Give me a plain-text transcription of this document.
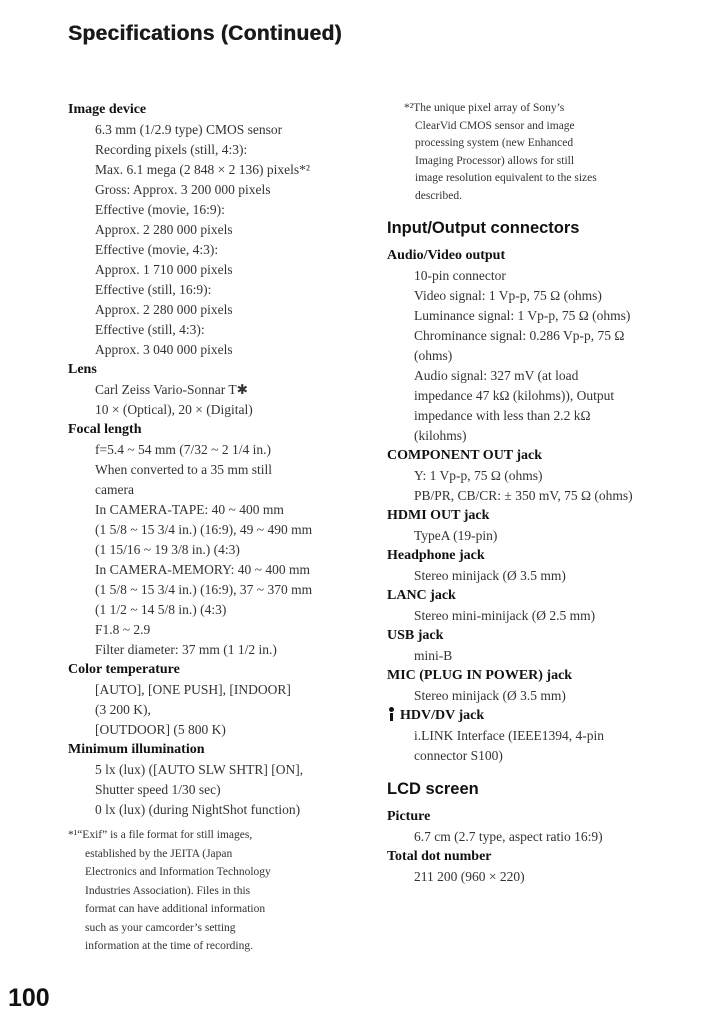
Specifications (Continued)
Image device
6.3 mm (1/2.9 type) CMOS sensor
Recording pixels (still, 4:3):
Max. 6.1 mega (2 848 × 2 136) pixels*²
Gross: Approx. 3 200 000 pixels
Effective (movie, 16:9):
Approx. 2 280 000 pixels
Effective (movie, 4:3):
Approx. 1 710 000 pixels
Effective (still, 16:9):
Approx. 2 280 000 pixels
Effective (still, 4:3):
Approx. 3 040 000 pixels
Lens
Carl Zeiss Vario-Sonnar T✱
10 × (Optical), 20 × (Digital)
Focal length
f=5.4 ~ 54 mm (7/32 ~ 2 1/4 in.)
When converted to a 35 mm still
camera
In CAMERA-TAPE: 40 ~ 400 mm
(1 5/8 ~ 15 3/4 in.) (16:9), 49 ~ 490 mm
(1 15/16 ~ 19 3/8 in.) (4:3)
In CAMERA-MEMORY: 40 ~ 400 mm
(1 5/8 ~ 15 3/4 in.) (16:9), 37 ~ 370 mm
(1 1/2 ~ 14 5/8 in.) (4:3)
F1.8 ~ 2.9
Filter diameter: 37 mm (1 1/2 in.)
Color temperature
[AUTO], [ONE PUSH], [INDOOR]
(3 200 K),
[OUTDOOR] (5 800 K)
Minimum illumination
5 lx (lux) ([AUTO SLW SHTR] [ON],
Shutter speed 1/30 sec)
0 lx (lux) (during NightShot function)
*¹“Exif” is a file format for still images,
established by the JEITA (Japan
Electronics and Information Technology
Industries Association). Files in this
format can have additional information
such as your camcorder’s setting
information at the time of recording.
*²The unique pixel array of Sony’s
ClearVid CMOS sensor and image
processing system (new Enhanced
Imaging Processor) allows for still
image resolution equivalent to the sizes
described.
Input/Output connectors
Audio/Video output
10-pin connector
Video signal: 1 Vp-p, 75 Ω (ohms)
Luminance signal: 1 Vp-p, 75 Ω (ohms)
Chrominance signal: 0.286 Vp-p, 75 Ω
(ohms)
Audio signal: 327 mV (at load
impedance 47 kΩ (kilohms)), Output
impedance with less than 2.2 kΩ
(kilohms)
COMPONENT OUT jack
Y: 1 Vp-p, 75 Ω (ohms)
PB/PR, CB/CR: ± 350 mV, 75 Ω (ohms)
HDMI OUT jack
TypeA (19-pin)
Headphone jack
Stereo minijack (Ø 3.5 mm)
LANC jack
Stereo mini-minijack (Ø 2.5 mm)
USB jack
mini-B
MIC (PLUG IN POWER) jack
Stereo minijack (Ø 3.5 mm)
HDV/DV jack
i.LINK Interface (IEEE1394, 4-pin
connector S100)
LCD screen
Picture
6.7 cm (2.7 type, aspect ratio 16:9)
Total dot number
211 200 (960 × 220)
100
